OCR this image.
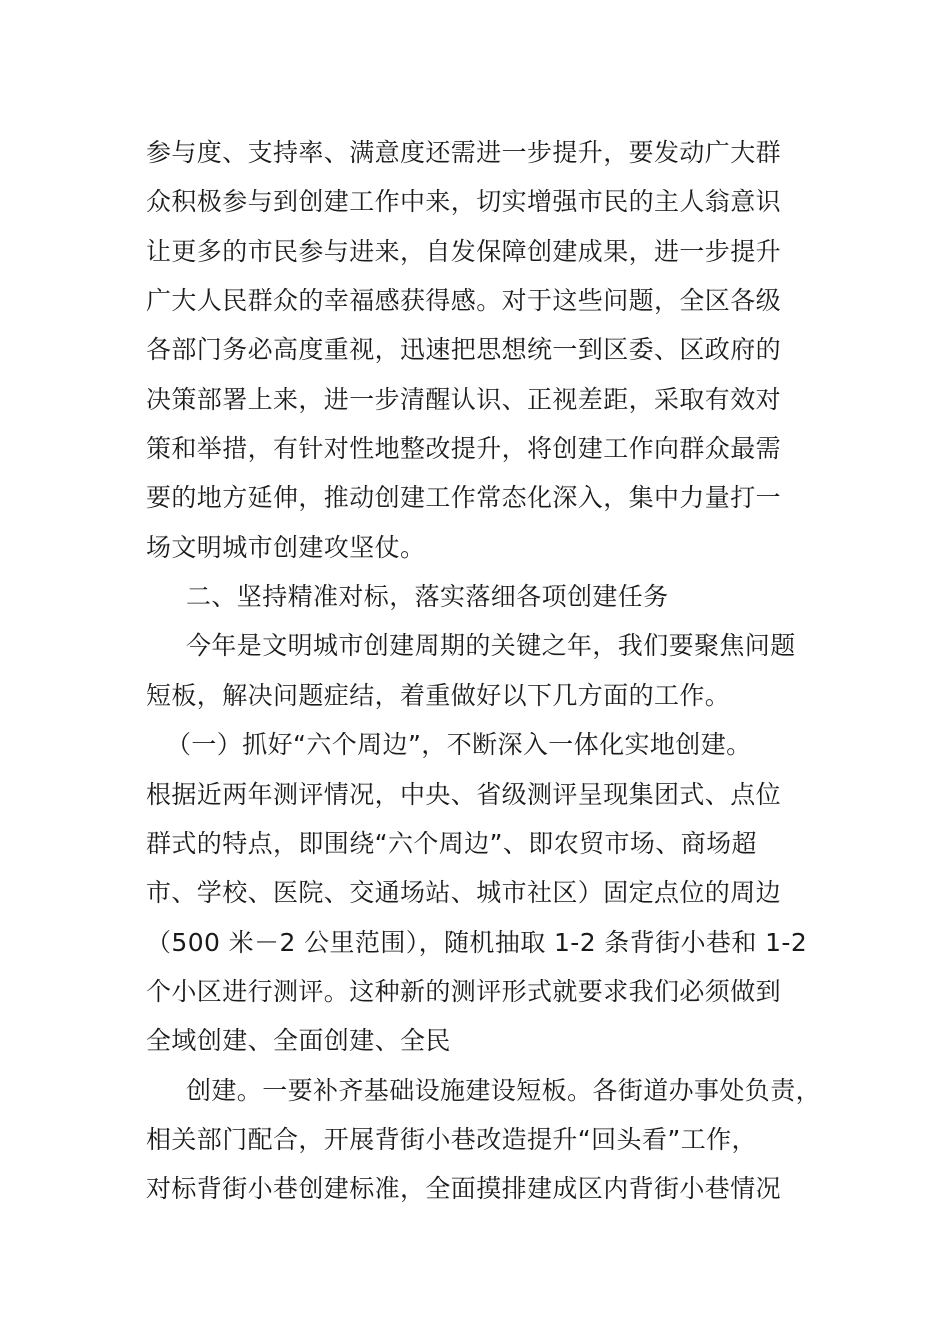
参与度、支持率、满意度还需进一步提升，要发动广大群
众积极参与到创建工作中来，切实增强市民的主人翁意识
让更多的市民参与进来，自发保障创建成果，进一步提升
广大人民群众的幸福感获得感。对于这些问题，全区各级
各部门务必高度重视，迅速把思想统一到区委、区政府的
决策部署上来，进一步清醒认识、正视差距，采取有效对
策和举措，有针对性地整改提升，将创建工作向群众最需
要的地方延伸，推动创建工作常态化深入，集中力量打一
场文明城市创建攻坚仗。
二、坚持精准对标，落实落细各项创建任务
今年是文明城市创建周期的关键之年，我们要聚焦问题
短板，解决问题症结，着重做好以下几方面的工作。
（一）抓好“六个周边”，不断深入一体化实地创建。
根据近两年测评情况，中央、省级测评呈现集团式、点位
群式的特点，即围绕“六个周边”、即农贸市场、商场超
市、学校、医院、交通场站、城市社区）固定点位的周边
（500 米－2 公里范围），随机抽取 1-2 条背街小巷和 1-2
个小区进行测评。这种新的测评形式就要求我们必须做到
全域创建、全面创建、全民
创建。一要补齐基础设施建设短板。各街道办事处负责，
相关部门配合，开展背街小巷改造提升“回头看”工作，
对标背街小巷创建标准，全面摸排建成区内背街小巷情况
